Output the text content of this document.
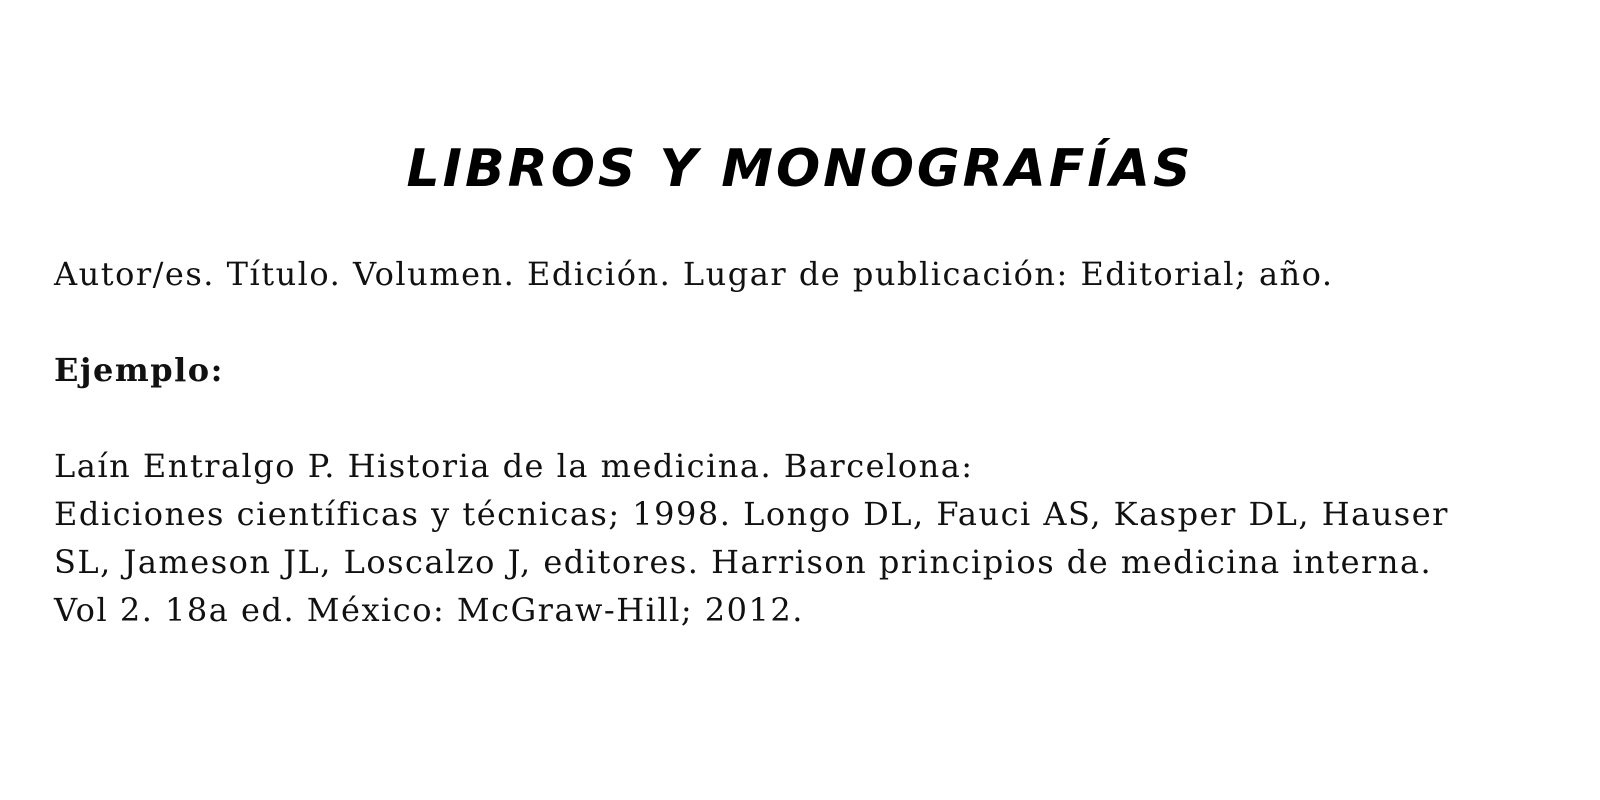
LIBROS Y MONOGRAFÍAS
Autor/es. Título. Volumen. Edición. Lugar de publicación: Editorial; año.
Ejemplo:
Laín Entralgo P. Historia de la medicina. Barcelona:
Ediciones científicas y técnicas; 1998. Longo DL, Fauci AS, Kasper DL, Hauser
SL, Jameson JL, Loscalzo J, editores. Harrison principios de medicina interna.
Vol 2. 18a ed. México: McGraw-Hill; 2012.
